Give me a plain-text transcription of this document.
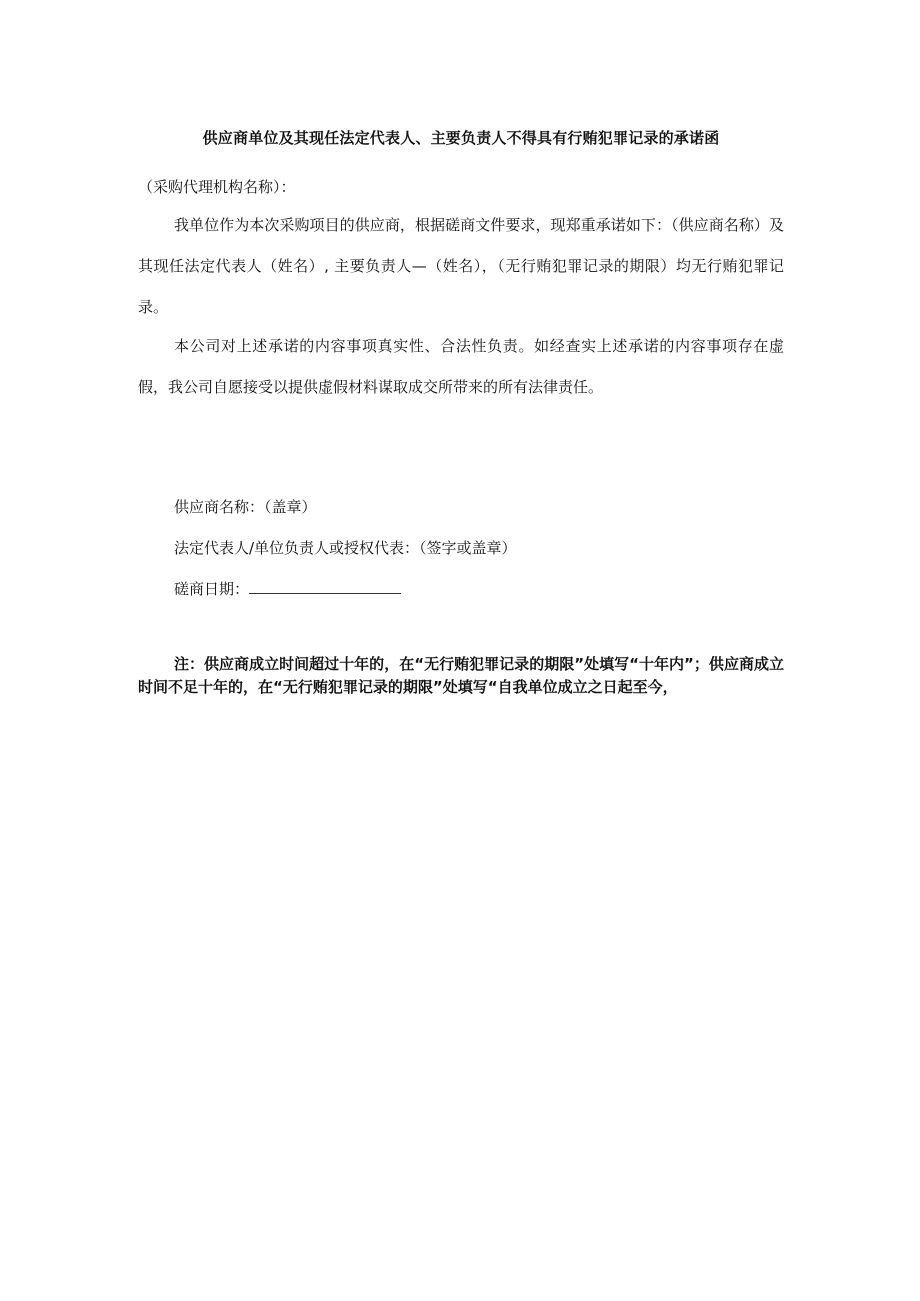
供应商单位及其现任法定代表人、主要负责人不得具有行贿犯罪记录的承诺函
（采购代理机构名称）：
我单位作为本次采购项目的供应商，根据磋商文件要求，现郑重承诺如下：（供应商名称）及其现任法定代表人（姓名）, 主要负责人—（姓名），（无行贿犯罪记录的期限）均无行贿犯罪记录。
本公司对上述承诺的内容事项真实性、合法性负责。如经查实上述承诺的内容事项存在虚假，我公司自愿接受以提供虚假材料谋取成交所带来的所有法律责任。
供应商名称：（盖章）
法定代表人/单位负责人或授权代表：（签字或盖章）
磋商日期：
注：供应商成立时间超过十年的，在“无行贿犯罪记录的期限”处填写“十年内”；供应商成立时间不足十年的，在“无行贿犯罪记录的期限”处填写“自我单位成立之日起至今，
